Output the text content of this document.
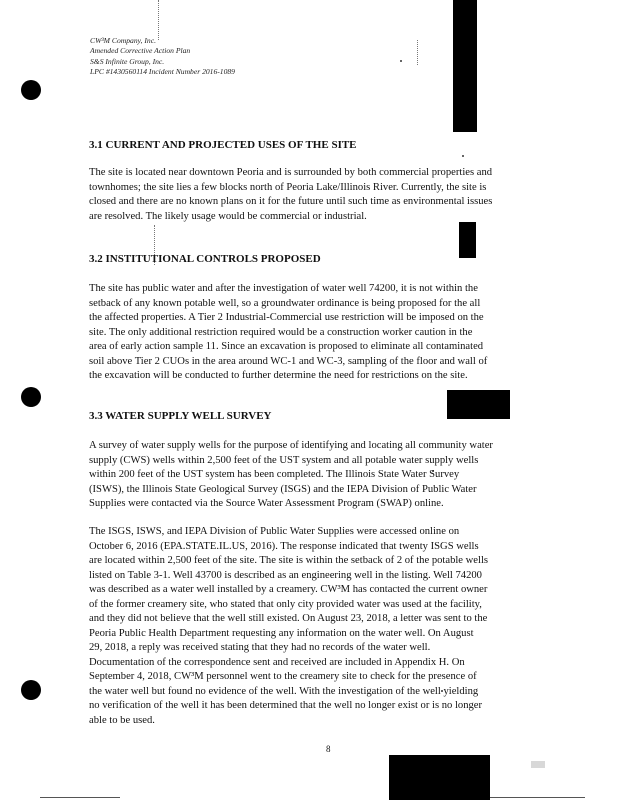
CW³M Company, Inc.
Amended Corrective Action Plan
S&S Infinite Group, Inc.
LPC #1430560114 Incident Number 2016-1089
3.1 CURRENT AND PROJECTED USES OF THE SITE

The site is located near downtown Peoria and is surrounded by both commercial properties and
townhomes; the site lies a few blocks north of Peoria Lake/Illinois River. Currently, the site is
closed and there are no known plans on it for the future until such time as environmental issues
are resolved. The likely usage would be commercial or industrial.

3.2 INSTITUTIONAL CONTROLS PROPOSED

The site has public water and after the investigation of water well 74200, it is not within the
setback of any known potable well, so a groundwater ordinance is being proposed for the all
the affected properties. A Tier 2 Industrial-Commercial use restriction will be imposed on the
site. The only additional restriction required would be a construction worker caution in the
area of early action sample 11. Since an excavation is proposed to eliminate all contaminated
soil above Tier 2 CUOs in the area around WC-1 and WC-3, sampling of the floor and wall of
the excavation will be conducted to further determine the need for restrictions on the site.

3.3 WATER SUPPLY WELL SURVEY

A survey of water supply wells for the purpose of identifying and locating all community water
supply (CWS) wells within 2,500 feet of the UST system and all potable water supply wells
within 200 feet of the UST system has been completed. The Illinois State Water Survey
(ISWS), the Illinois State Geological Survey (ISGS) and the IEPA Division of Public Water
Supplies were contacted via the Source Water Assessment Program (SWAP) online.

The ISGS, ISWS, and IEPA Division of Public Water Supplies were accessed online on
October 6, 2016 (EPA.STATE.IL.US, 2016). The response indicated that twenty ISGS wells
are located within 2,500 feet of the site. The site is within the setback of 2 of the potable wells
listed on Table 3-1. Well 43700 is described as an engineering well in the listing. Well 74200
was described as a water well installed by a creamery. CW³M has contacted the current owner
of the former creamery site, who stated that only city provided water was used at the facility,
and they did not believe that the well still existed. On August 23, 2018, a letter was sent to the
Peoria Public Health Department requesting any information on the water well. On August
29, 2018, a reply was received stating that they had no records of the water well.
Documentation of the correspondence sent and received are included in Appendix H. On
September 4, 2018, CW³M personnel went to the creamery site to check for the presence of
the water well but found no evidence of the well. With the investigation of the well yielding
no verification of the well it has been determined that the well no longer exist or is no longer
able to be used.

8
